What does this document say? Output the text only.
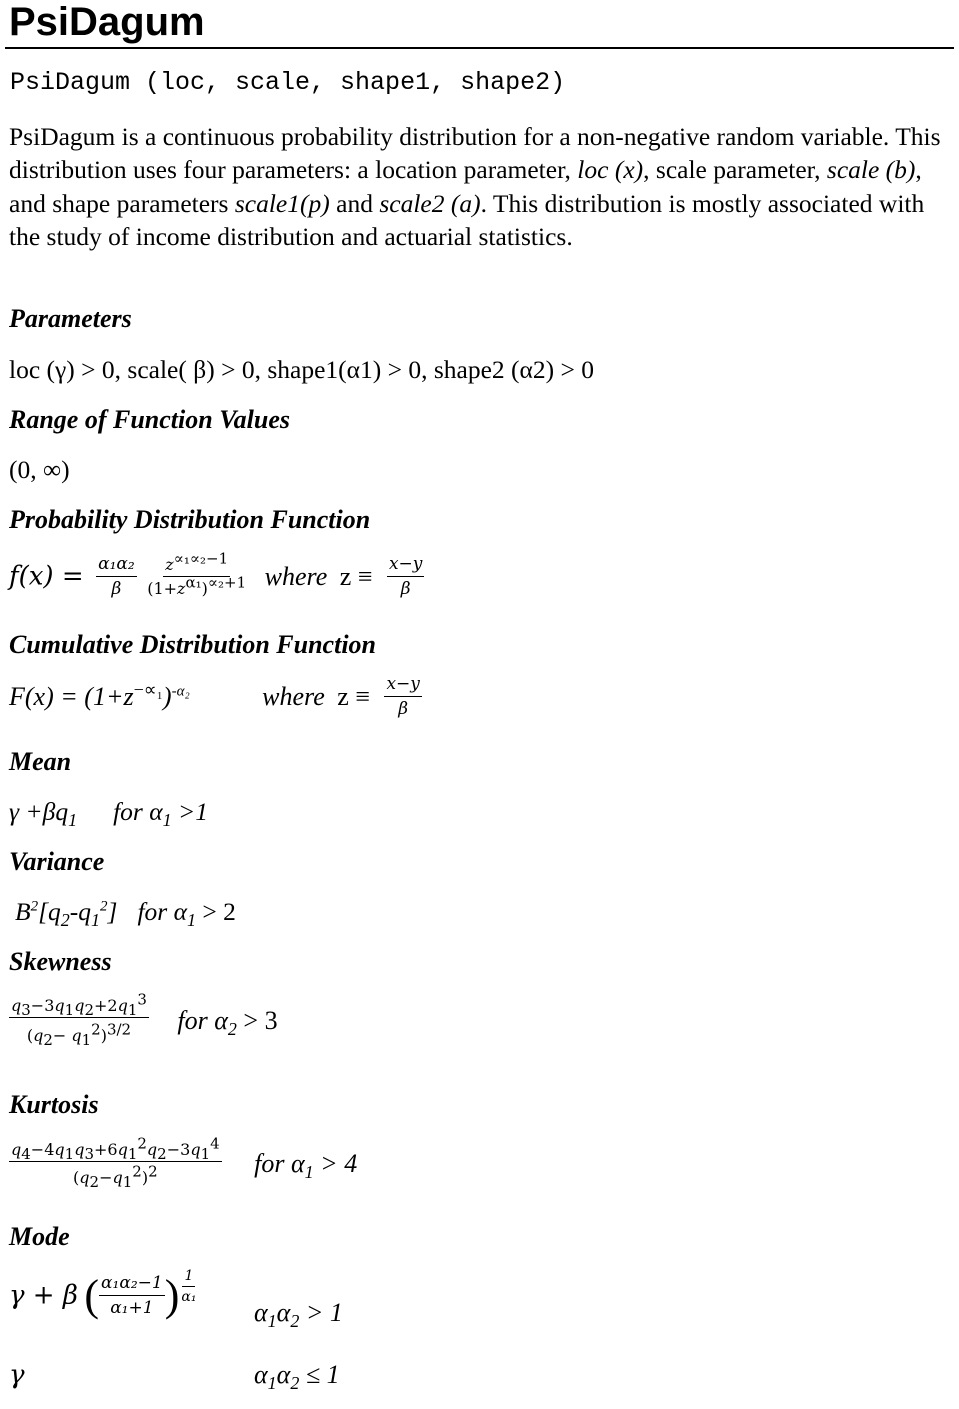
PsiDagum
PsiDagum (loc, scale, shape1, shape2)
PsiDagum is a continuous probability distribution for a non-negative random variable. This distribution uses four parameters: a location parameter, loc (x), scale parameter, scale (b), and shape parameters scale1(p) and scale2 (a). This distribution is mostly associated with the study of income distribution and actuarial statistics.
Parameters
loc (γ) > 0, scale( β) > 0, shape1(α1) > 0, shape2 (α2) > 0
Range of Function Values
(0, ∞)
Probability Distribution Function
$f(x) = \frac{\text{α₁α₂}}{\beta}$
$\frac{z^{\propto_1\propto_2-1}}{(1+z^{\alpha_1})^{\propto_2+1}}$ where $z \equiv \frac{x-y}{\beta}$
Cumulative Distribution Function
$F(x) = (1+z^{-\propto_1})^{-\alpha_2}$	where $z \equiv \frac{x-y}{\beta}$
Mean
$\gamma +\beta q_1$ for $\alpha_1 >1$
Variance
$B^2[q_2-q_1^2]$ for $\alpha_1 > 2$
Skewness
$\frac{q_3-3q_1q_2+2q_1^3}{(q_2- q_1^2)^{3/2}}$ for $\alpha_2 > 3$
Kurtosis
$\frac{q_4-4q_1q_3+6q_1^2q_2-3q_1^4}{(q_2-q_1^2)^2}$ for $\alpha_1 > 4$
Mode
γ + β ( $\frac{\text{α₁α₂−1}}{\text{α₁+1}}$ ) $\frac{1}{\text{α₁}}$
$\alpha_1\alpha_2 > 1$
γ	$\alpha_1\alpha_2 \le 1$
